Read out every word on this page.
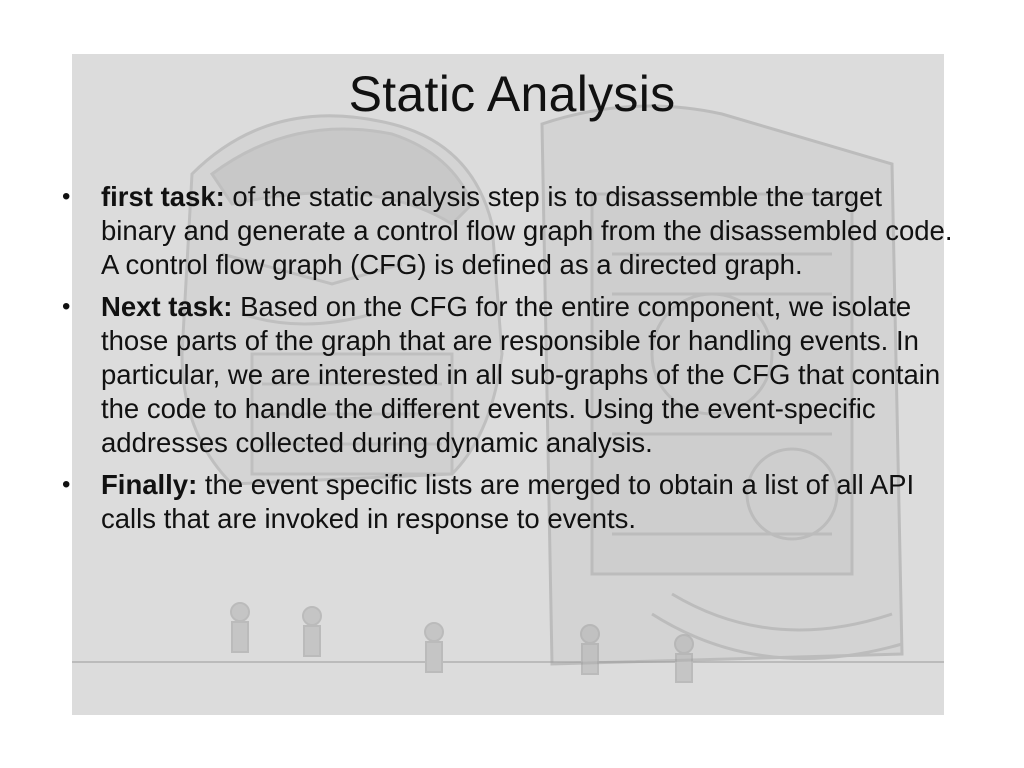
Static Analysis
•	first task: of the static analysis step is to disassemble the target binary and generate a control flow graph from the disassembled code. A control flow graph (CFG) is defined as a directed graph.
•	Next task: Based on the CFG for the entire component, we isolate those parts of the graph that are responsible for handling events. In particular, we are interested in all sub-graphs of the CFG that contain the code to handle the different events. Using the event-specific addresses collected during dynamic analysis.
•	Finally: the event specific lists are merged to obtain a list of all API calls that are invoked in response to events.
